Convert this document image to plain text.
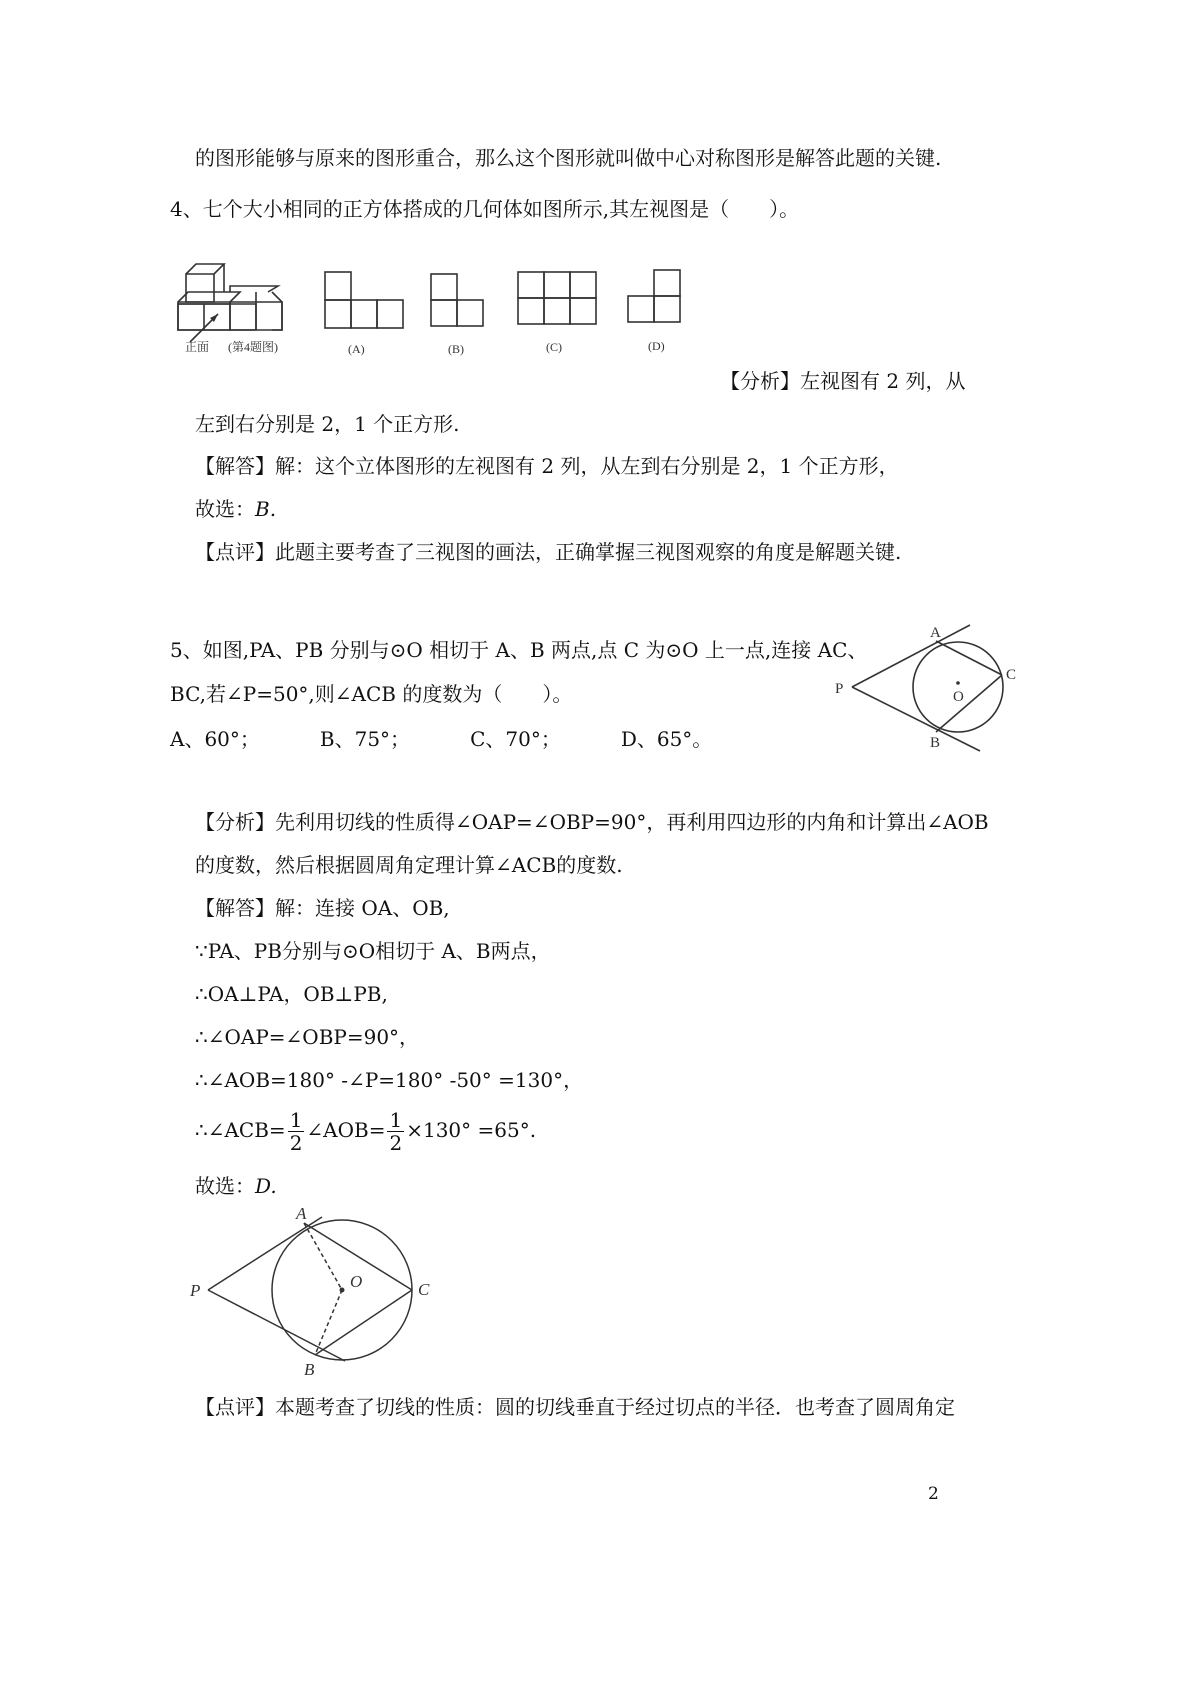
的图形能够与原来的图形重合，那么这个图形就叫做中心对称图形是解答此题的关键.
4、七个大小相同的正方体搭成的几何体如图所示,其左视图是（　　）。
正面 (第4题图)	(A)	(B)	(C)	(D)
【分析】左视图有 2 列，从
左到右分别是 2，1 个正方形.
【解答】解：这个立体图形的左视图有 2 列，从左到右分别是 2，1 个正方形，
故选：B.
【点评】此题主要考查了三视图的画法，正确掌握三视图观察的角度是解题关键.
5、如图,PA、PB 分别与⊙O 相切于 A、B 两点,点 C 为⊙O 上一点,连接 AC、
BC,若∠P=50°,则∠ACB 的度数为（　　）。
A、60°；	B、75°；	C、70°；	D、65°。
A
B
C
P	O
【分析】先利用切线的性质得∠OAP=∠OBP=90°，再利用四边形的内角和计算出∠AOB
的度数，然后根据圆周角定理计算∠ACB的度数.
【解答】解：连接 OA、OB,
∵PA、PB分别与⊙O相切于 A、B两点，
∴OA⊥PA，OB⊥PB,
∴∠OAP=∠OBP=90°，
∴∠AOB=180° -∠P=180° -50° =130°，
∴∠ACB= $\frac{1}{2}$ ∠AOB= $\frac{1}{2} \times 130^\circ =65^\circ$.
故选：D.
A
B
C
P	O
【点评】本题考查了切线的性质：圆的切线垂直于经过切点的半径．也考查了圆周角定
2
